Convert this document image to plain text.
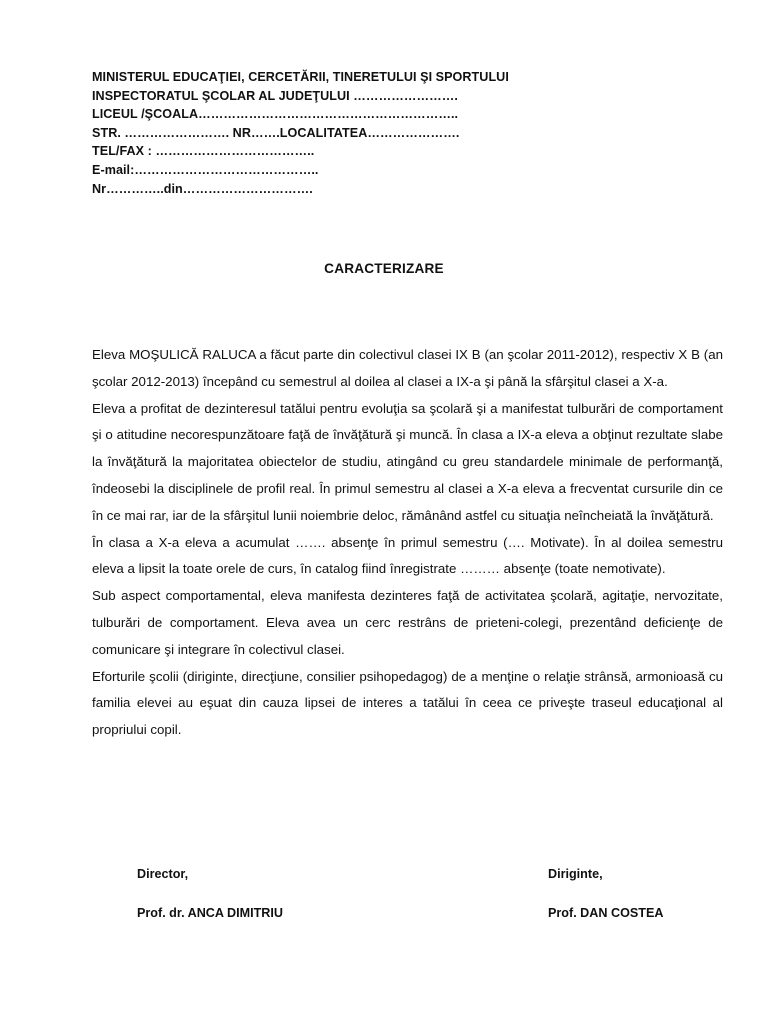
MINISTERUL EDUCAŢIEI, CERCETĂRII, TINERETULUI ŞI SPORTULUI
INSPECTORATUL ŞCOLAR AL JUDEŢULUI …………………….
LICEUL /ŞCOALA……………………………………………………..
STR. ……………………. NR…….LOCALITATEA………………….
TEL/FAX : ………………………………..
E-mail:……………………………………..
Nr…………..din………………………….
CARACTERIZARE

Eleva MOŞULICĂ RALUCA a făcut parte din colectivul clasei IX B (an şcolar 2011-2012), respectiv X B (an şcolar 2012-2013) începând cu semestrul al doilea al clasei a IX-a şi până la sfârşitul clasei a X-a.

Eleva a profitat de dezinteresul tatălui pentru evoluţia sa şcolară şi a manifestat tulburări de comportament şi o atitudine necorespunzătoare faţă de învăţătură şi muncă. În clasa a IX-a eleva a obţinut rezultate slabe la învăţătură la majoritatea obiectelor de studiu, atingând cu greu standardele minimale de performanţă, îndeosebi la disciplinele de profil real. În primul semestru al clasei a X-a eleva a frecventat cursurile din ce în ce mai rar, iar de la sfârşitul lunii noiembrie deloc, rămânând astfel cu situaţia neîncheiată la învăţătură.

În clasa a X-a eleva a acumulat ……. absenţe în primul semestru (…. Motivate). În al doilea semestru eleva a lipsit la toate orele de curs, în catalog fiind înregistrate ……… absenţe (toate nemotivate).

Sub aspect comportamental, eleva manifesta dezinteres faţă de activitatea şcolară, agitaţie, nervozitate, tulburări de comportament. Eleva avea un cerc restrâns de prieteni-colegi, prezentând deficienţe de comunicare şi integrare în colectivul clasei.

Eforturile şcolii (diriginte, direcţiune, consilier psihopedagog) de a menţine o relaţie strânsă, armonioasă cu familia elevei au eşuat din cauza lipsei de interes a tatălui în ceea ce priveşte traseul educaţional al propriului copil.

Director,
Prof. dr. ANCA DIMITRIU
Diriginte,
Prof. DAN COSTEA
